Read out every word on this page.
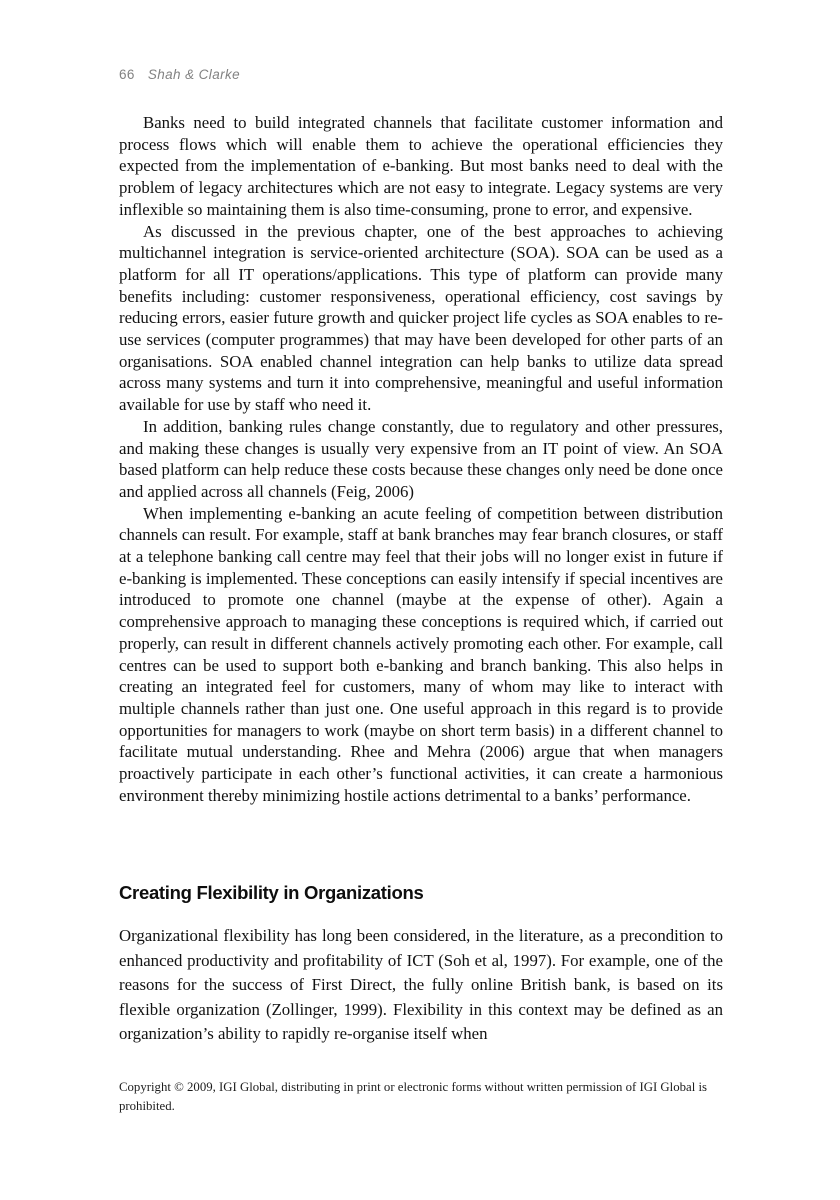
66 Shah & Clarke

Banks need to build integrated channels that facilitate customer information and process flows which will enable them to achieve the operational efficiencies they expected from the implementation of e-banking. But most banks need to deal with the problem of legacy architectures which are not easy to integrate. Legacy systems are very inflexible so maintaining them is also time-consuming, prone to error, and expensive.

As discussed in the previous chapter, one of the best approaches to achieving multichannel integration is service-oriented architecture (SOA). SOA can be used as a platform for all IT operations/applications. This type of platform can provide many benefits including: customer responsiveness, operational efficiency, cost savings by reducing errors, easier future growth and quicker project life cycles as SOA enables to re-use services (computer programmes) that may have been developed for other parts of an organisations. SOA enabled channel integration can help banks to utilize data spread across many systems and turn it into comprehensive, meaningful and useful information available for use by staff who need it.

In addition, banking rules change constantly, due to regulatory and other pressures, and making these changes is usually very expensive from an IT point of view. An SOA based platform can help reduce these costs because these changes only need be done once and applied across all channels (Feig, 2006)

When implementing e-banking an acute feeling of competition between distribution channels can result. For example, staff at bank branches may fear branch closures, or staff at a telephone banking call centre may feel that their jobs will no longer exist in future if e-banking is implemented. These conceptions can easily intensify if special incentives are introduced to promote one channel (maybe at the expense of other). Again a comprehensive approach to managing these conceptions is required which, if carried out properly, can result in different channels actively promoting each other. For example, call centres can be used to support both e-banking and branch banking. This also helps in creating an integrated feel for customers, many of whom may like to interact with multiple channels rather than just one. One useful approach in this regard is to provide opportunities for managers to work (maybe on short term basis) in a different channel to facilitate mutual understanding. Rhee and Mehra (2006) argue that when managers proactively participate in each other’s functional activities, it can create a harmonious environment thereby minimizing hostile actions detrimental to a banks’ performance.

Creating Flexibility in Organizations

Organizational flexibility has long been considered, in the literature, as a precondition to enhanced productivity and profitability of ICT (Soh et al, 1997). For example, one of the reasons for the success of First Direct, the fully online British bank, is based on its flexible organization (Zollinger, 1999). Flexibility in this context may be defined as an organization’s ability to rapidly re-organise itself when

Copyright © 2009, IGI Global, distributing in print or electronic forms without written permission of IGI Global is prohibited.
